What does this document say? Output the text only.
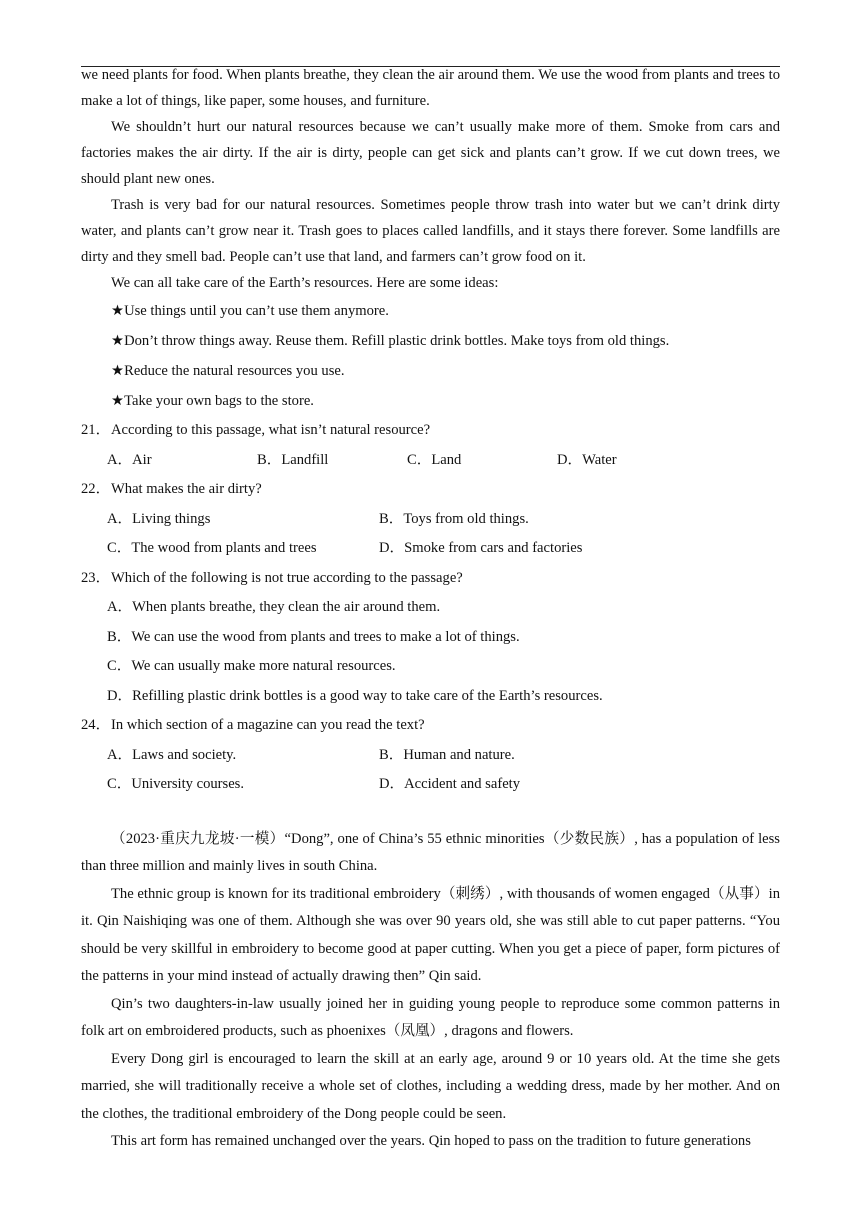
we need plants for food. When plants breathe, they clean the air around them. We use the wood from plants and trees to make a lot of things, like paper, some houses, and furniture.

We shouldn’t hurt our natural resources because we can’t usually make more of them. Smoke from cars and factories makes the air dirty. If the air is dirty, people can get sick and plants can’t grow. If we cut down trees, we should plant new ones.

Trash is very bad for our natural resources. Sometimes people throw trash into water but we can’t drink dirty water, and plants can’t grow near it. Trash goes to places called landfills, and it stays there forever. Some landfills are dirty and they smell bad. People can’t use that land, and farmers can’t grow food on it.

We can all take care of the Earth’s resources. Here are some ideas:

★Use things until you can’t use them anymore.

★Don’t throw things away. Reuse them. Refill plastic drink bottles. Make toys from old things.

★Reduce the natural resources you use.

★Take your own bags to the store.

21． According to this passage, what isn’t natural resource?
A．Air	B．Landfill	C．Land	D．Water
22． What makes the air dirty?
A．Living things	B．Toys from old things.
C．The wood from plants and trees	D．Smoke from cars and factories
23． Which of the following is not true according to the passage?
A．When plants breathe, they clean the air around them.
B．We can use the wood from plants and trees to make a lot of things.
C．We can usually make more natural resources.
D．Refilling plastic drink bottles is a good way to take care of the Earth’s resources.
24． In which section of a magazine can you read the text?
A．Laws and society.	B．Human and nature.
C．University courses.	D．Accident and safety

（2023·重庆九龙坡·一模）“Dong”, one of China’s 55 ethnic minorities（少数民族）, has a population of less than three million and mainly lives in south China.

The ethnic group is known for its traditional embroidery（刺绣）, with thousands of women engaged（从事）in it. Qin Naishiqing was one of them. Although she was over 90 years old, she was still able to cut paper patterns. “You should be very skillful in embroidery to become good at paper cutting. When you get a piece of paper, form pictures of the patterns in your mind instead of actually drawing then” Qin said.

Qin’s two daughters-in-law usually joined her in guiding young people to reproduce some common patterns in folk art on embroidered products, such as phoenixes（凤凰）, dragons and flowers.

Every Dong girl is encouraged to learn the skill at an early age, around 9 or 10 years old. At the time she gets married, she will traditionally receive a whole set of clothes, including a wedding dress, made by her mother. And on the clothes, the traditional embroidery of the Dong people could be seen.

This art form has remained unchanged over the years. Qin hoped to pass on the tradition to future generations
